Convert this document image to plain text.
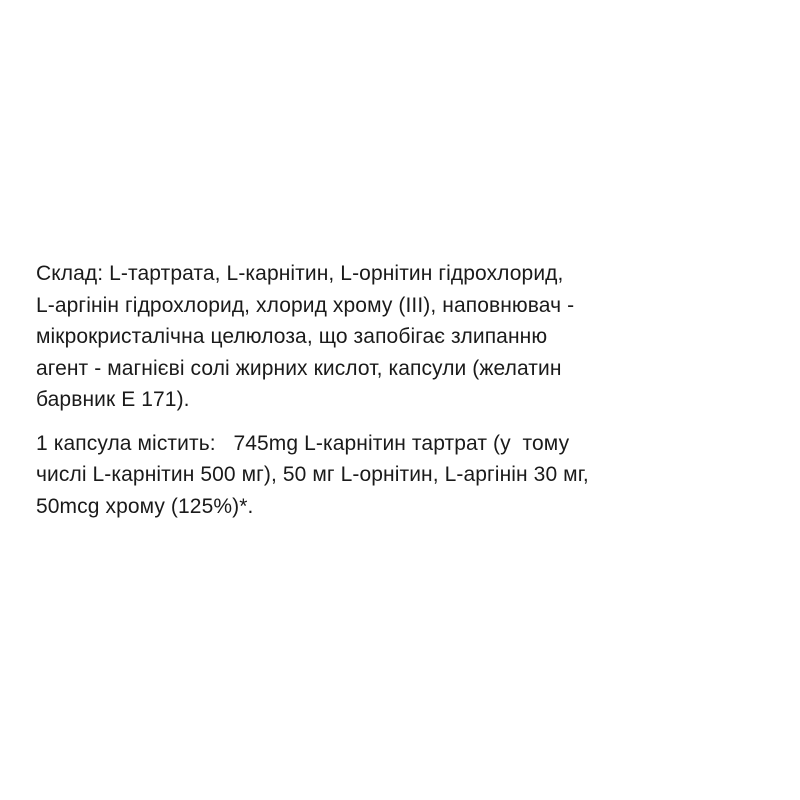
Склад: L-тартрата, L-карнітин, L-орнітин гідрохлорид,
L-аргінін гідрохлорид, хлорид хрому (III), наповнювач -
мікрокристалічна целюлоза, що запобігає злипанню
агент - магнієві солі жирних кислот, капсули (желатин
барвник Е 171).
1 капсула містить:   745mg L-карнітин тартрат (у  тому
числі L-карнітин 500 мг), 50 мг L-орнітин, L-аргінін 30 мг,
50mcg хрому (125%)*.
